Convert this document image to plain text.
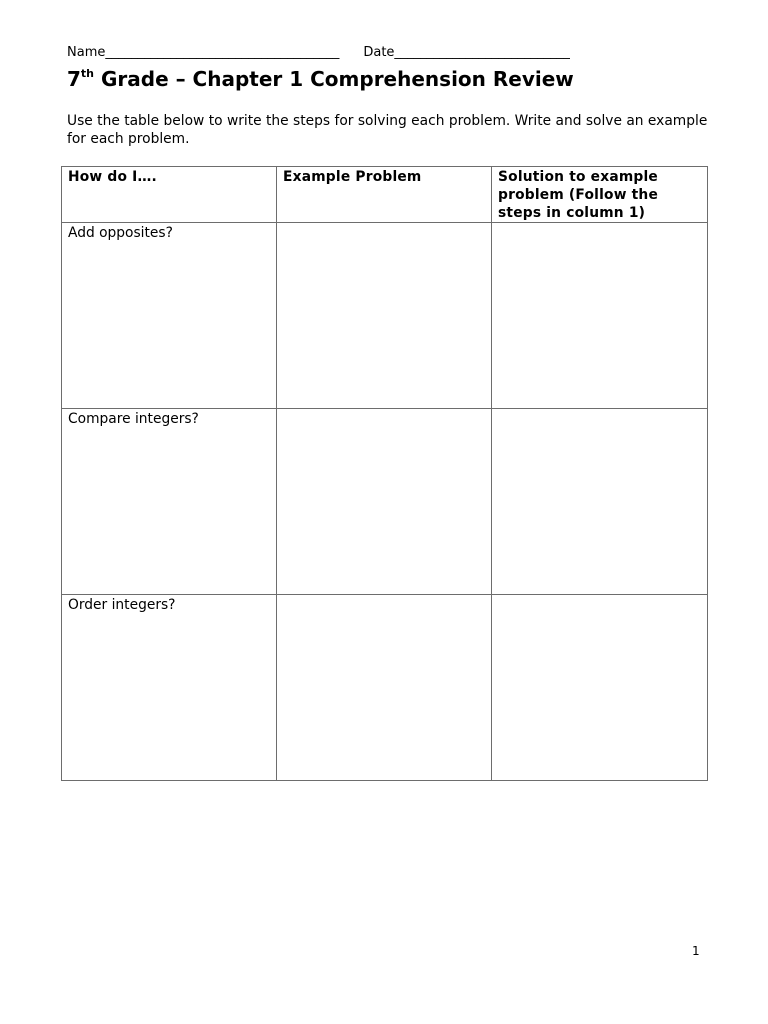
Name____________________________________ Date___________________________
7th Grade – Chapter 1 Comprehension Review
Use the table below to write the steps for solving each problem. Write and solve an example for each problem.
How do I….	Example Problem	Solution to example problem (Follow the steps in column 1)
Add opposites?		
Compare integers?		
Order integers?		
1
